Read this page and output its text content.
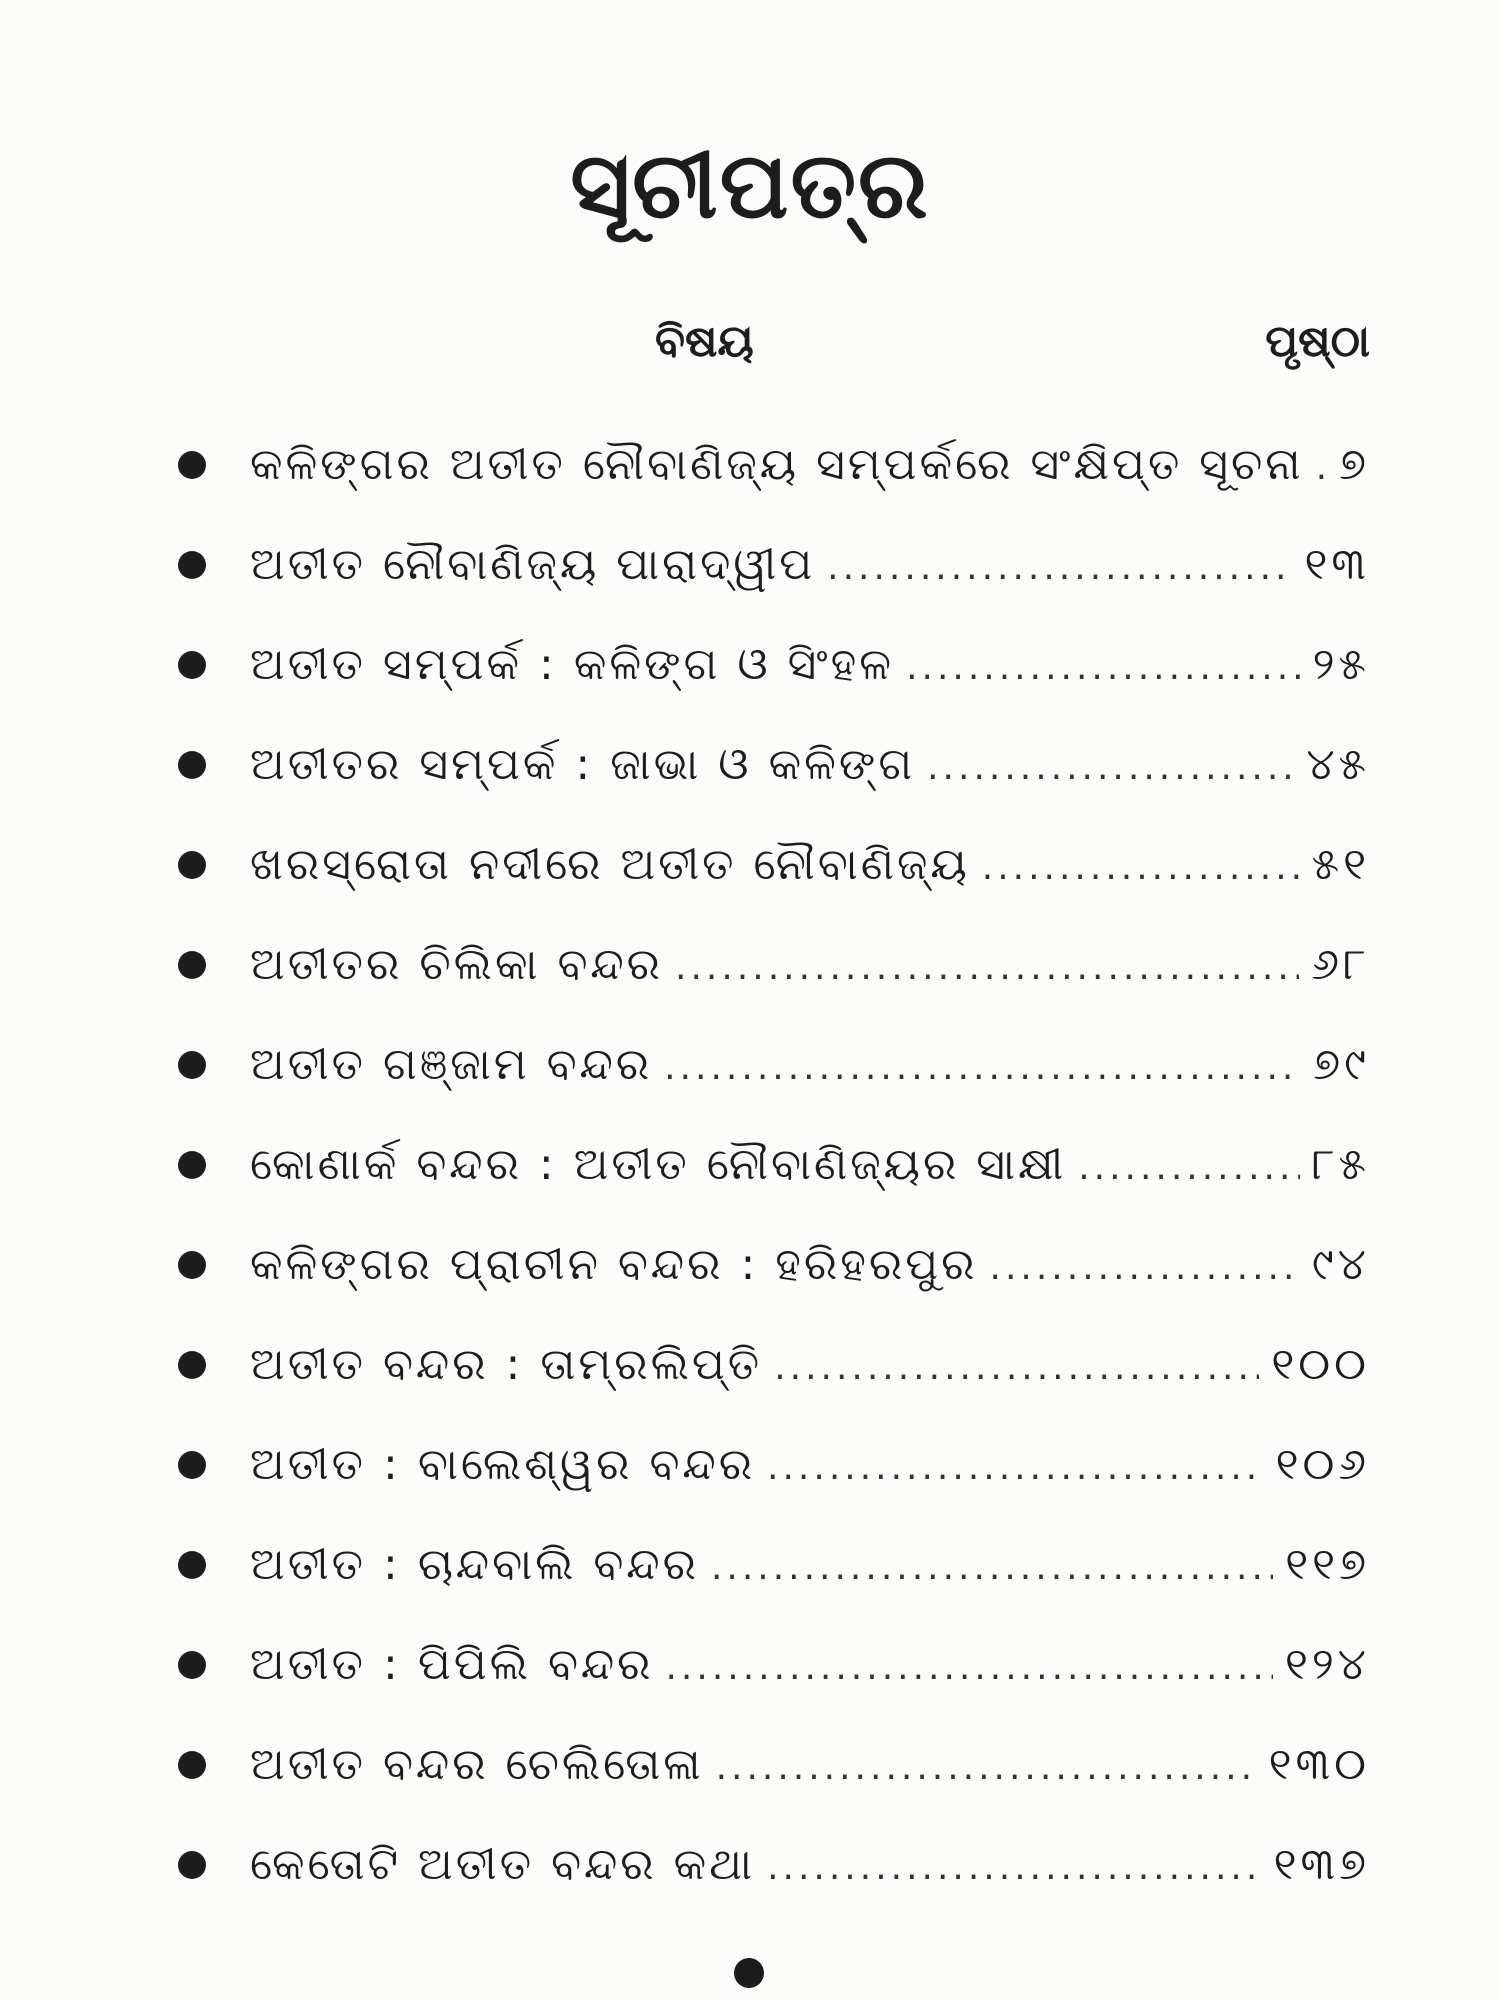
ସୂଚୀପତ୍ର
ବିଷୟ	ପୃଷ୍ଠା
କଳିଙ୍ଗର ଅତୀତ ନୌବାଣିଜ୍ୟ ସମ୍ପର୍କରେ ସଂକ୍ଷିପ୍ତ ସୂଚନା ..... ୭
ଅତୀତ ନୌବାଣିଜ୍ୟ ପାରାଦ୍ୱୀପ .....	୧୩
ଅତୀତ ସମ୍ପର୍କ : କଳିଙ୍ଗ ଓ ସିଂହଳ .....	୨୫
ଅତୀତର ସମ୍ପର୍କ : ଜାଭା ଓ କଳିଙ୍ଗ .....	୪୫
ଖରସ୍ରୋତା ନଦୀରେ ଅତୀତ ନୌବାଣିଜ୍ୟ .....	୫୧
ଅତୀତର ଚିଲିକା ବନ୍ଦର .....	୬୮
ଅତୀତ ଗଞ୍ଜାମ ବନ୍ଦର .....	୭୯
କୋଣାର୍କ ବନ୍ଦର : ଅତୀତ ନୌବାଣିଜ୍ୟର ସାକ୍ଷୀ .....	୮୫
କଳିଙ୍ଗର ପ୍ରାଚୀନ ବନ୍ଦର : ହରିହରପୁର .....	୯୪
ଅତୀତ ବନ୍ଦର : ତାମ୍ରଲିପ୍ତି .....	୧୦୦
ଅତୀତ : ବାଲେଶ୍ୱର ବନ୍ଦର .....	୧୦୬
ଅତୀତ : ଚାନ୍ଦବାଲି ବନ୍ଦର .....	୧୧୭
ଅତୀତ : ପିପିଲି ବନ୍ଦର .....	୧୨୪
ଅତୀତ ବନ୍ଦର ଚେଲିତୋଳା .....	୧୩୦
କେତୋଟି ଅତୀତ ବନ୍ଦର କଥା .....	୧୩୭
